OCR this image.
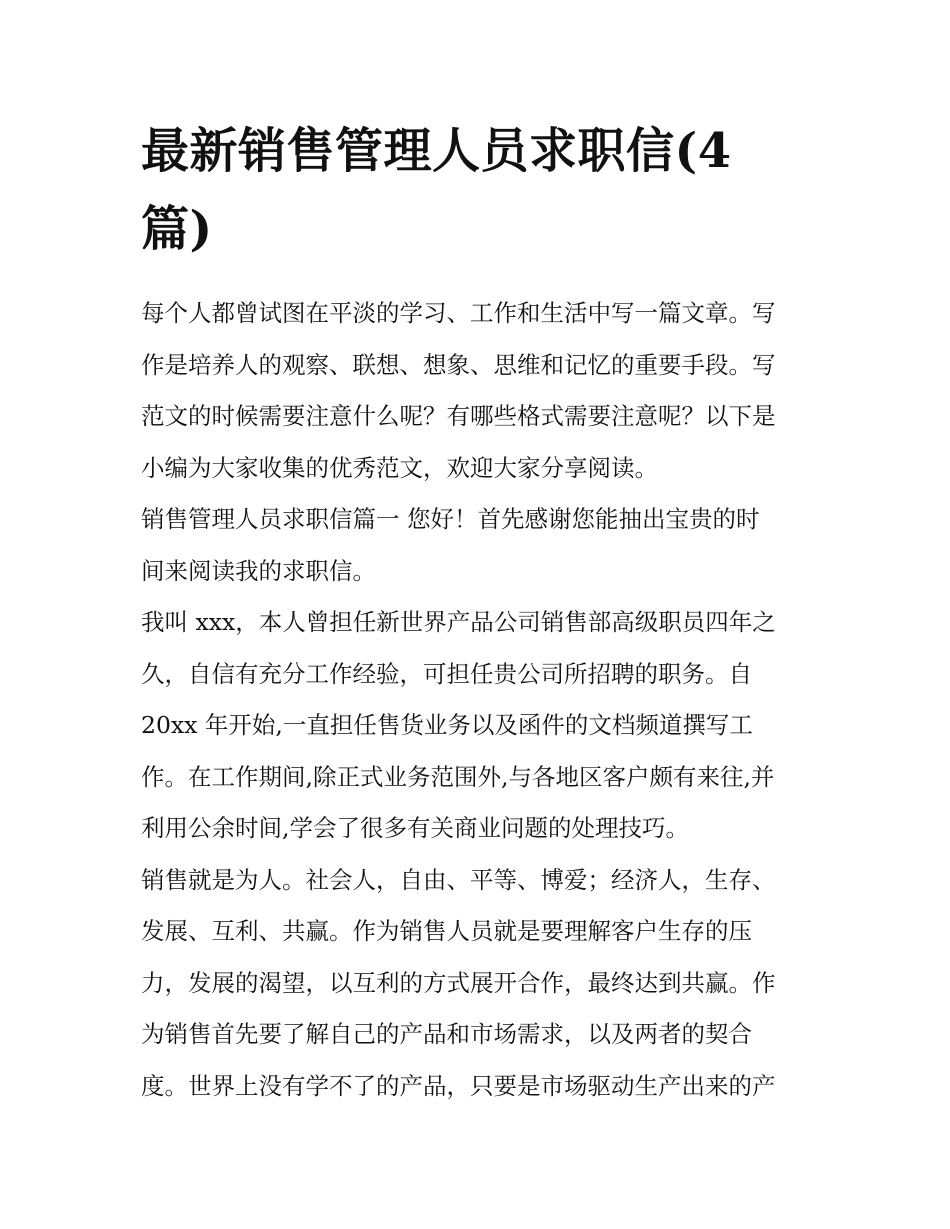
最新销售管理人员求职信(4
篇)
每个人都曾试图在平淡的学习、工作和生活中写一篇文章。写
作是培养人的观察、联想、想象、思维和记忆的重要手段。写
范文的时候需要注意什么呢？有哪些格式需要注意呢？以下是
小编为大家收集的优秀范文，欢迎大家分享阅读。
销售管理人员求职信篇一 您好！首先感谢您能抽出宝贵的时
间来阅读我的求职信。
我叫 xxx，本人曾担任新世界产品公司销售部高级职员四年之
久，自信有充分工作经验，可担任贵公司所招聘的职务。自
20xx 年开始,一直担任售货业务以及函件的文档频道撰写工
作。在工作期间,除正式业务范围外,与各地区客户颇有来往,并
利用公余时间,学会了很多有关商业问题的处理技巧。
销售就是为人。社会人，自由、平等、博爱；经济人，生存、
发展、互利、共赢。作为销售人员就是要理解客户生存的压
力，发展的渴望，以互利的方式展开合作，最终达到共赢。作
为销售首先要了解自己的产品和市场需求，以及两者的契合
度。世界上没有学不了的产品，只要是市场驱动生产出来的产
